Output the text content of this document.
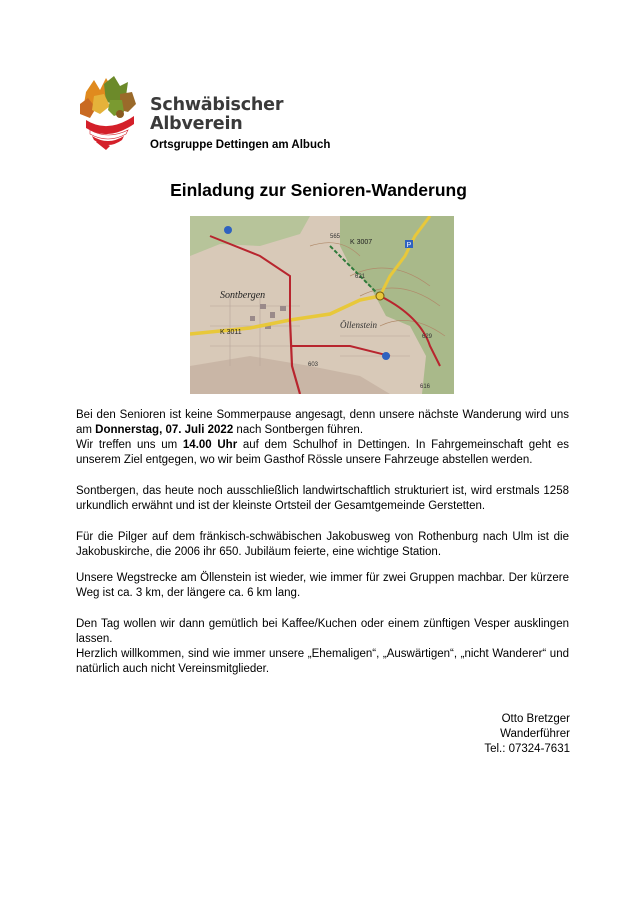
Schwäbischer
Albverein
Ortsgruppe Dettingen am Albuch
Einladung zur Senioren-Wanderung
P
Sontbergen
K 3011
K 3007
Öllenstein
629
603
565
621
616

Bei den Senioren ist keine Sommerpause angesagt, denn unsere nächste Wanderung wird uns am Donnerstag, 07. Juli 2022 nach Sontbergen führen.

Wir treffen uns um 14.00 Uhr auf dem Schulhof in Dettingen. In Fahrgemeinschaft geht es unserem Ziel entgegen, wo wir beim Gasthof Rössle unsere Fahrzeuge abstellen werden.

Sontbergen, das heute noch ausschließlich landwirtschaftlich strukturiert ist, wird erstmals 1258 urkundlich erwähnt und ist der kleinste Ortsteil der Gesamtgemeinde Gerstetten.

Für die Pilger auf dem fränkisch-schwäbischen Jakobusweg von Rothenburg nach Ulm ist die Jakobuskirche, die 2006 ihr 650. Jubiläum feierte, eine wichtige Station.

Unsere Wegstrecke am Öllenstein ist wieder, wie immer für zwei Gruppen machbar. Der kürzere Weg ist ca. 3 km, der längere ca. 6 km lang.

Den Tag wollen wir dann gemütlich bei Kaffee/Kuchen oder einem zünftigen Vesper ausklingen lassen.

Herzlich willkommen, sind wie immer unsere „Ehemaligen“, „Auswärtigen“, „nicht Wanderer“ und natürlich auch nicht Vereinsmitglieder.

Otto Bretzger
Wanderführer
Tel.: 07324-7631
